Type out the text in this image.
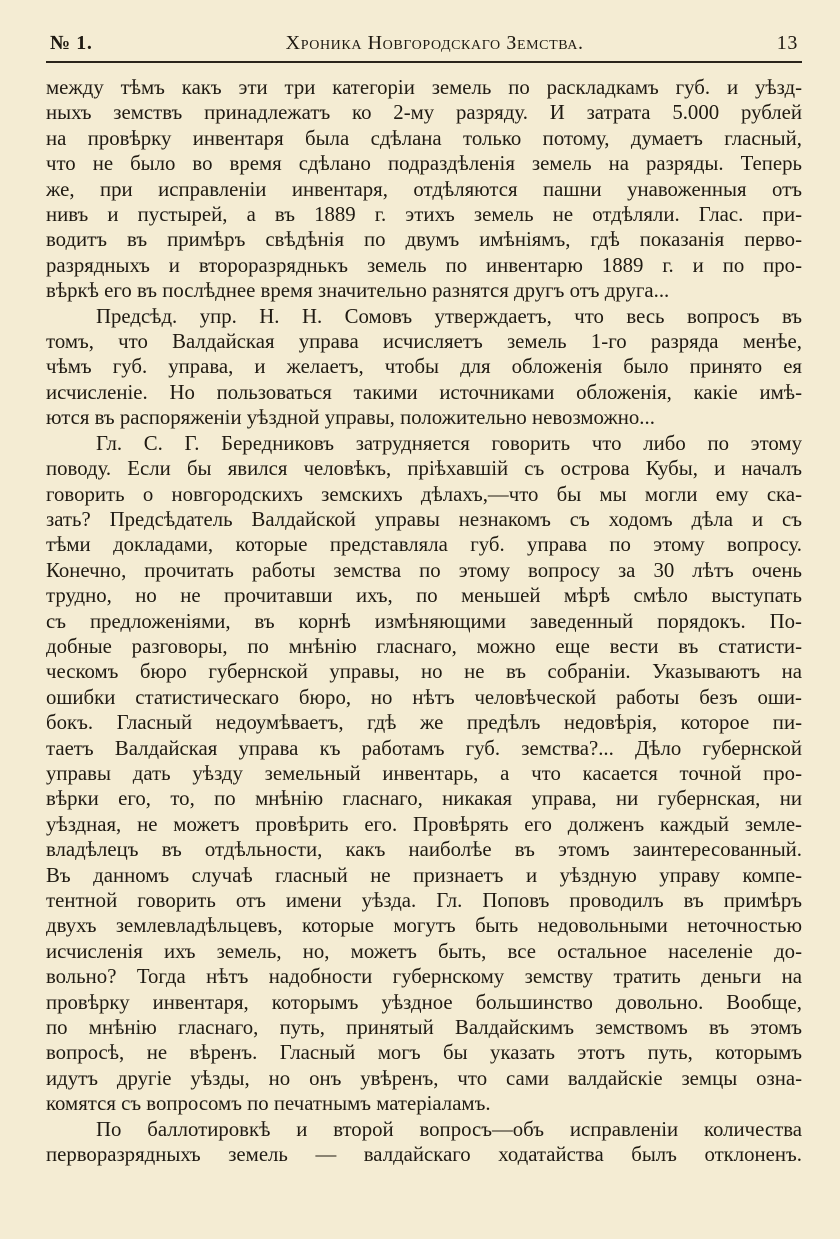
№ 1.	Хроника Новгородскаго Земства.	13
между тѣмъ какъ эти три категоріи земель по раскладкамъ губ. и уѣзд-
ныхъ земствъ принадлежатъ ко 2-му разряду. И затрата 5.000 рублей
на провѣрку инвентаря была сдѣлана только потому, думаетъ гласный,
что не было во время сдѣлано подраздѣленія земель на разряды. Теперь
же, при исправленіи инвентаря, отдѣляются пашни унавоженныя отъ
нивъ и пустырей, а въ 1889 г. этихъ земель не отдѣляли. Глас. при-
водитъ въ примѣръ свѣдѣнія по двумъ имѣніямъ, гдѣ показанія перво-
разрядныхъ и второразряднькъ земель по инвентарю 1889 г. и по про-
вѣркѣ его въ послѣднее время значительно разнятся другъ отъ друга...
Предсѣд. упр. Н. Н. Сомовъ утверждаетъ, что весь вопросъ въ
томъ, что Валдайская управа исчисляетъ земель 1-го разряда менѣе,
чѣмъ губ. управа, и желаетъ, чтобы для обложенія было принято ея
исчисленіе. Но пользоваться такими источниками обложенія, какіе имѣ-
ются въ распоряженіи уѣздной управы, положительно невозможно...
Гл. С. Г. Бередниковъ затрудняется говорить что либо по этому
поводу. Если бы явился человѣкъ, пріѣхавшій съ острова Кубы, и началъ
говорить о новгородскихъ земскихъ дѣлахъ,—что бы мы могли ему ска-
зать? Предсѣдатель Валдайской управы незнакомъ съ ходомъ дѣла и съ
тѣми докладами, которые представляла губ. управа по этому вопросу.
Конечно, прочитать работы земства по этому вопросу за 30 лѣтъ очень
трудно, но не прочитавши ихъ, по меньшей мѣрѣ смѣло выступать
съ предложеніями, въ корнѣ измѣняющими заведенный порядокъ. По-
добные разговоры, по мнѣнію гласнаго, можно еще вести въ статисти-
ческомъ бюро губернской управы, но не въ собраніи. Указываютъ на
ошибки статистическаго бюро, но нѣтъ человѣческой работы безъ оши-
бокъ. Гласный недоумѣваетъ, гдѣ же предѣлъ недовѣрія, которое пи-
таетъ Валдайская управа къ работамъ губ. земства?... Дѣло губернской
управы дать уѣзду земельный инвентарь, а что касается точной про-
вѣрки его, то, по мнѣнію гласнаго, никакая управа, ни губернская, ни
уѣздная, не можетъ провѣрить его. Провѣрять его долженъ каждый земле-
владѣлецъ въ отдѣльности, какъ наиболѣе въ этомъ заинтересованный.
Въ данномъ случаѣ гласный не признаетъ и уѣздную управу компе-
тентной говорить отъ имени уѣзда. Гл. Поповъ проводилъ въ примѣръ
двухъ землевладѣльцевъ, которые могутъ быть недовольными неточностью
исчисленія ихъ земель, но, можетъ быть, все остальное населеніе до-
вольно? Тогда нѣтъ надобности губернскому земству тратить деньги на
провѣрку инвентаря, которымъ уѣздное большинство довольно. Вообще,
по мнѣнію гласнаго, путь, принятый Валдайскимъ земствомъ въ этомъ
вопросѣ, не вѣренъ. Гласный могъ бы указать этотъ путь, которымъ
идутъ другіе уѣзды, но онъ увѣренъ, что сами валдайскіе земцы озна-
комятся съ вопросомъ по печатнымъ матеріаламъ.
По баллотировкѣ и второй вопросъ—объ исправленіи количества
перворазрядныхъ земель — валдайскаго ходатайства былъ отклоненъ.
